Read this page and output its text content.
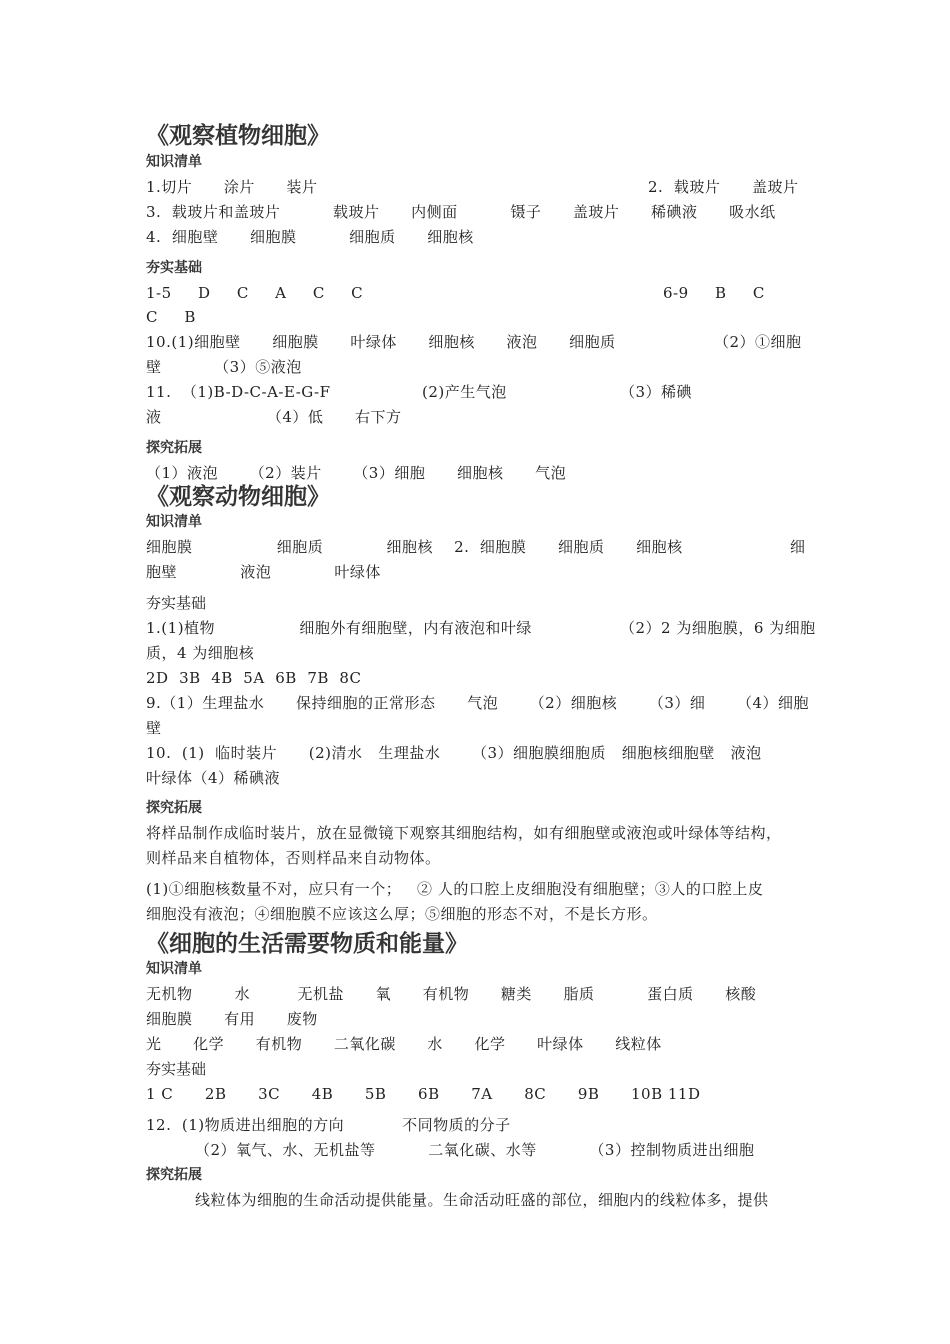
《观察植物细胞》
知识清单
1.切片      涂片      装片	2.  载玻片      盖玻片
3.  载玻片和盖玻片          载玻片      内侧面          镊子      盖玻片      稀碘液      吸水纸
4.  细胞壁      细胞膜          细胞质      细胞核
夯实基础
1-5     D     C     A     C     C	6-9     B     C
C     B
10.(1)细胞壁      细胞膜      叶绿体      细胞核      液泡      细胞质	（2）①细胞
壁          （3）⑤液泡
11.  （1)B-D-C-A-E-G-F	(2)产生气泡	（3）稀碘
液                    （4）低      右下方
探究拓展
（1）液泡      （2）装片      （3）细胞      细胞核      气泡
《观察动物细胞》
知识清单
细胞膜                细胞质            细胞核    2.  细胞膜      细胞质      细胞核	细
胞壁            液泡            叶绿体
夯实基础
1.(1)植物                细胞外有细胞壁，内有液泡和叶绿	（2）2 为细胞膜，6 为细胞
质，4 为细胞核
2D  3B  4B  5A  6B  7B  8C
9.（1）生理盐水      保持细胞的正常形态      气泡      （2）细胞核      （3）细      （4）细胞
壁
10.  (1)  临时装片      (2)清水   生理盐水      （3）细胞膜细胞质   细胞核细胞壁   液泡
叶绿体（4）稀碘液
探究拓展
将样品制作成临时装片，放在显微镜下观察其细胞结构，如有细胞壁或液泡或叶绿体等结构，
则样品来自植物体，否则样品来自动物体。
(1)①细胞核数量不对，应只有一个；   ② 人的口腔上皮细胞没有细胞壁；③人的口腔上皮
细胞没有液泡；④细胞膜不应该这么厚；⑤细胞的形态不对，不是长方形。
《细胞的生活需要物质和能量》
知识清单
无机物        水         无机盐      氧      有机物      糖类      脂质          蛋白质      核酸
细胞膜      有用      废物
光      化学      有机物      二氧化碳      水      化学      叶绿体      线粒体
夯实基础
1 C      2B      3C      4B      5B      6B      7A      8C      9B      10B 11D
12.  (1)物质进出细胞的方向           不同物质的分子
（2）氧气、水、无机盐等          二氧化碳、水等          （3）控制物质进出细胞
探究拓展
线粒体为细胞的生命活动提供能量。生命活动旺盛的部位，细胞内的线粒体多，提供
